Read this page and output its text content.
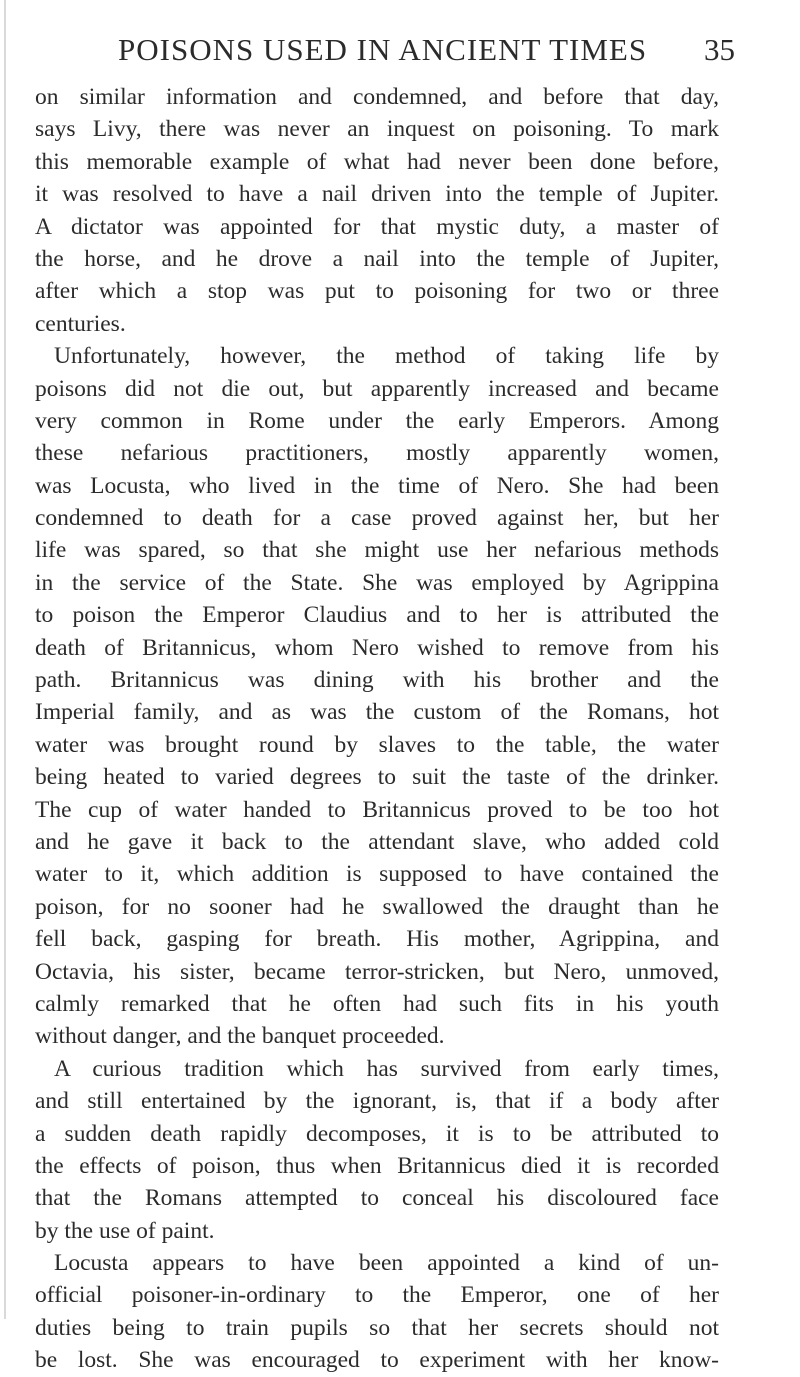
POISONS USED IN ANCIENT TIMES 35
on similar information and condemned, and before that day,
says Livy, there was never an inquest on poisoning. To mark
this memorable example of what had never been done before,
it was resolved to have a nail driven into the temple of Jupiter.
A dictator was appointed for that mystic duty, a master of
the horse, and he drove a nail into the temple of Jupiter,
after which a stop was put to poisoning for two or three
centuries.
Unfortunately, however, the method of taking life by
poisons did not die out, but apparently increased and became
very common in Rome under the early Emperors. Among
these nefarious practitioners, mostly apparently women,
was Locusta, who lived in the time of Nero. She had been
condemned to death for a case proved against her, but her
life was spared, so that she might use her nefarious methods
in the service of the State. She was employed by Agrippina
to poison the Emperor Claudius and to her is attributed the
death of Britannicus, whom Nero wished to remove from his
path. Britannicus was dining with his brother and the
Imperial family, and as was the custom of the Romans, hot
water was brought round by slaves to the table, the water
being heated to varied degrees to suit the taste of the drinker.
The cup of water handed to Britannicus proved to be too hot
and he gave it back to the attendant slave, who added cold
water to it, which addition is supposed to have contained the
poison, for no sooner had he swallowed the draught than he
fell back, gasping for breath. His mother, Agrippina, and
Octavia, his sister, became terror-stricken, but Nero, unmoved,
calmly remarked that he often had such fits in his youth
without danger, and the banquet proceeded.
A curious tradition which has survived from early times,
and still entertained by the ignorant, is, that if a body after
a sudden death rapidly decomposes, it is to be attributed to
the effects of poison, thus when Britannicus died it is recorded
that the Romans attempted to conceal his discoloured face
by the use of paint.
Locusta appears to have been appointed a kind of un-
official poisoner-in-ordinary to the Emperor, one of her
duties being to train pupils so that her secrets should not
be lost. She was encouraged to experiment with her know-
